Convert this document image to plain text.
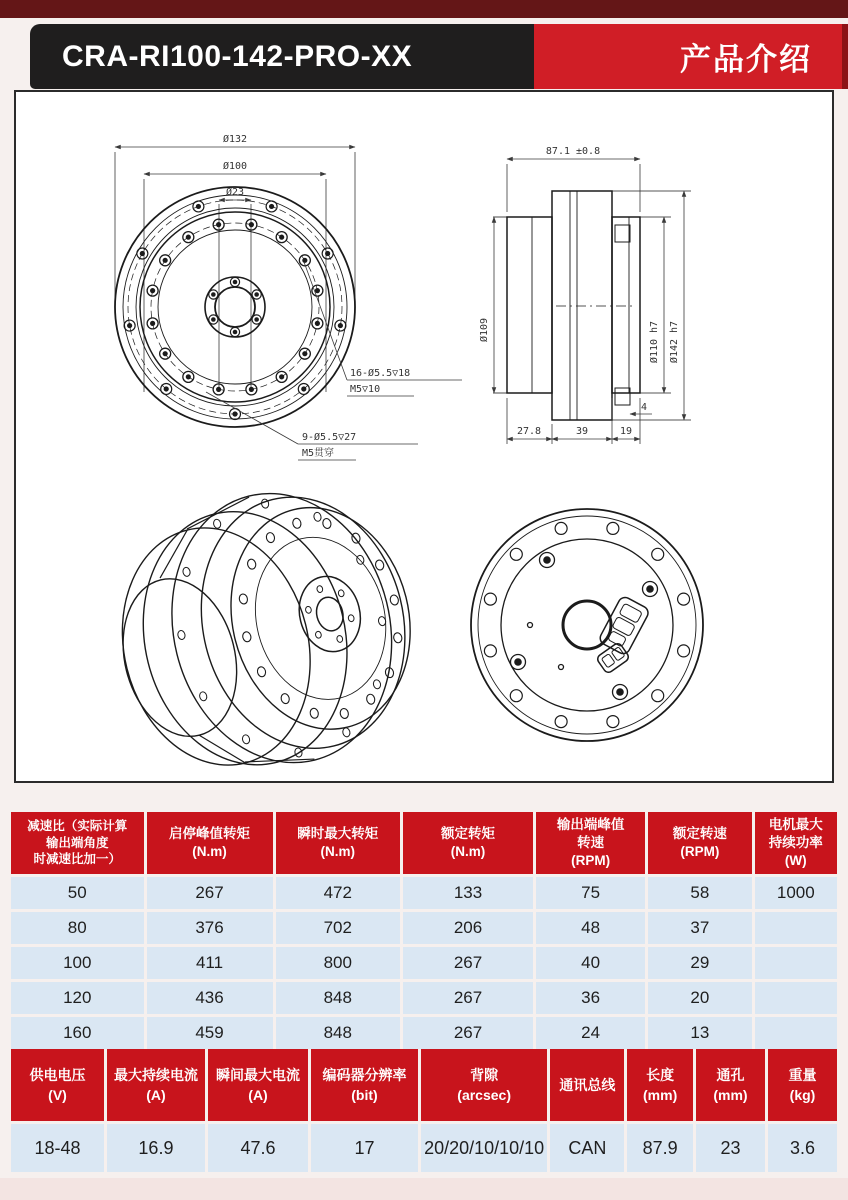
CRA-RI100-142-PRO-XX	产品介绍
Ø132
Ø100
Ø23
16-Ø5.5▽18
M5▽10
9-Ø5.5▽27
M5贯穿
87.1 ±0.8
Ø109	Ø110 h7 Ø142 h7
27.8	39	19
4
减速比（实际计算
输出端角度
时减速比加一）	启停峰值转矩
(N.m)	瞬时最大转矩
(N.m)	额定转矩
(N.m)	输出端峰值
转速
(RPM)	额定转速
(RPM)	电机最大
持续功率
(W)

50	267	472	133	75	58	1000
80	376	702	206	48	37	
100	411	800	267	40	29	
120	436	848	267	36	20	
160	459	848	267	24	13	
供电电压
(V)	最大持续电流
(A)	瞬间最大电流
(A)	编码器分辨率
(bit)	背隙
(arcsec)	通讯总线	长度
(mm)	通孔
(mm)	重量
(kg)

18-48	16.9	47.6	17	20/20/10/10/10	CAN	87.9	23	3.6
